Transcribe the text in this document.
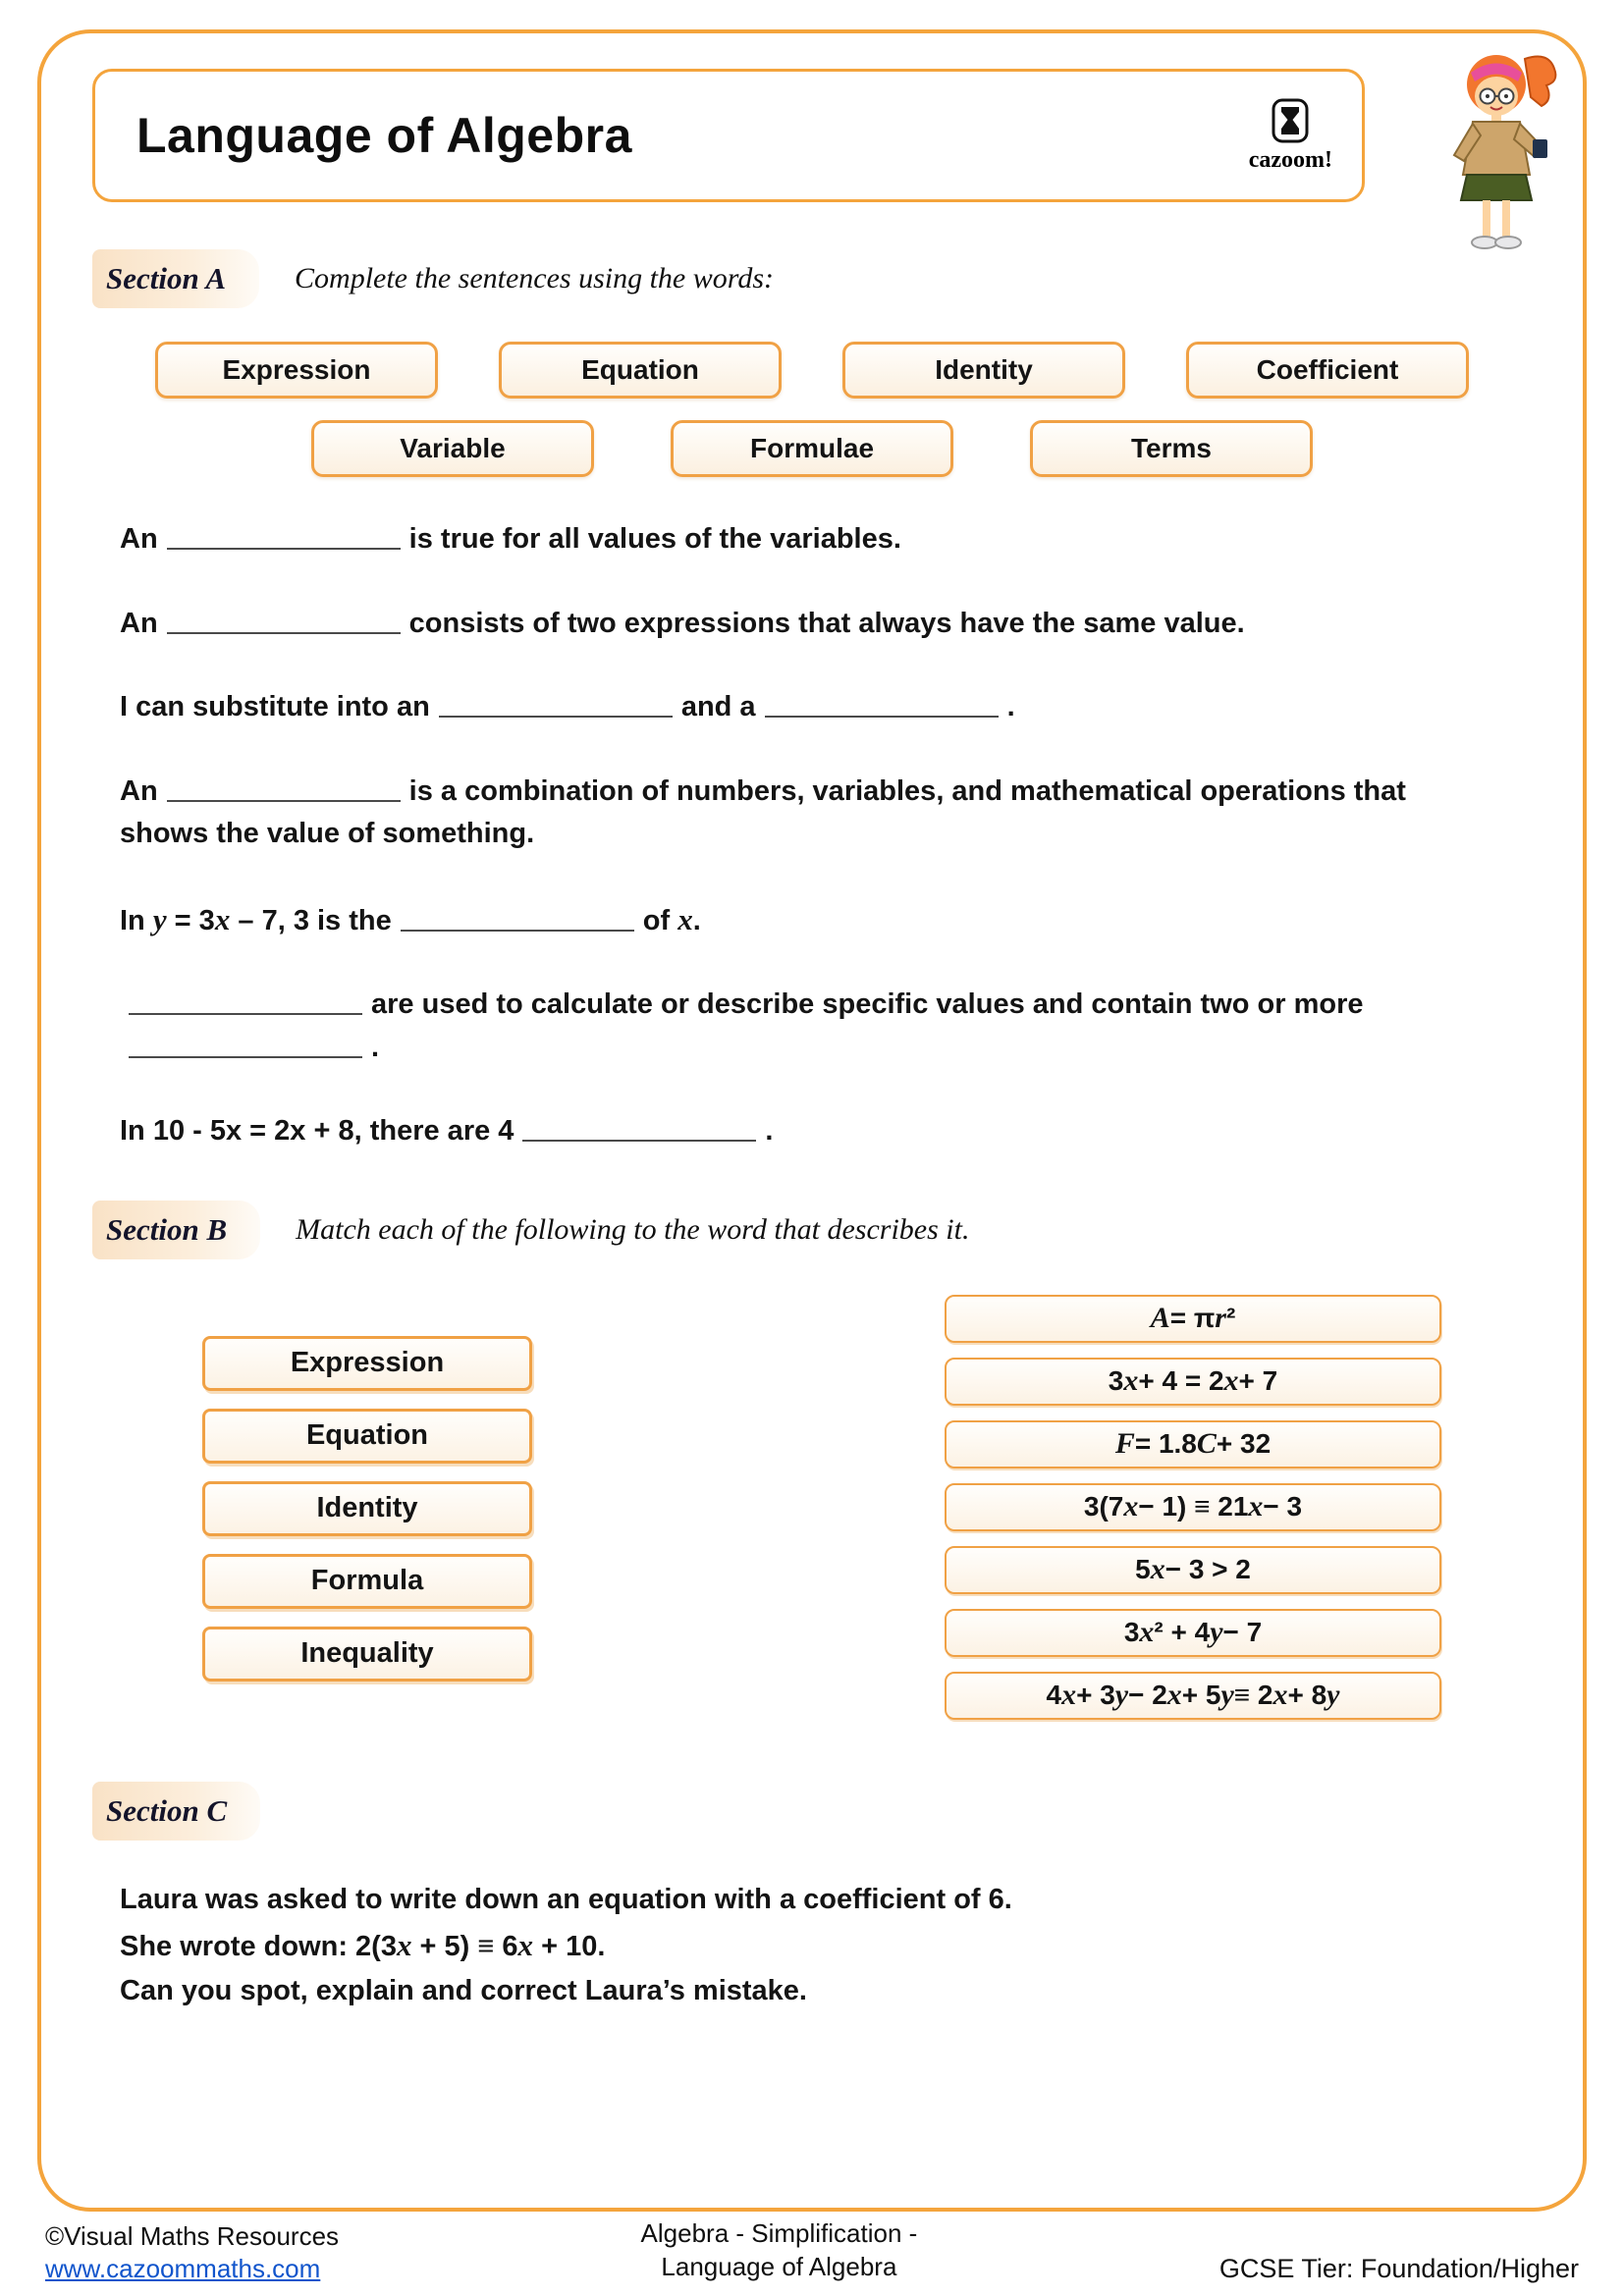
Language of Algebra	cazoom!
Section A	Complete the sentences using the words:
Expression	Equation	Identity	Coefficient
Variable	Formulae	Terms

An	is true for all values of the variables.

An	consists of two expressions that always have the same value.

I can substitute into an	and a	.

An	is a combination of numbers, variables, and mathematical operations that
shows the value of something.

In y = 3x – 7, 3 is the	of x.

are used to calculate or describe specific values and contain two or more
.

In 10 - 5x = 2x + 8, there are 4	.

Section B	Match each of the following to the word that describes it.
Expression
Equation
Identity
Formula
Inequality
A = π r ²
3 x + 4 = 2 x + 7
F = 1.8 C + 32
3(7 x − 1) ≡ 21 x − 3
5 x − 3 > 2
3 x ² + 4 y − 7
4 x + 3 y − 2 x + 5 y ≡ 2 x + 8 y
Section C

Laura was asked to write down an equation with a coefficient of 6.

She wrote down: 2(3x + 5) ≡ 6x + 10.

Can you spot, explain and correct Laura’s mistake.

©Visual Maths Resources
www.cazoommaths.com
Algebra - Simplification -
Language of Algebra	GCSE Tier: Foundation/Higher
